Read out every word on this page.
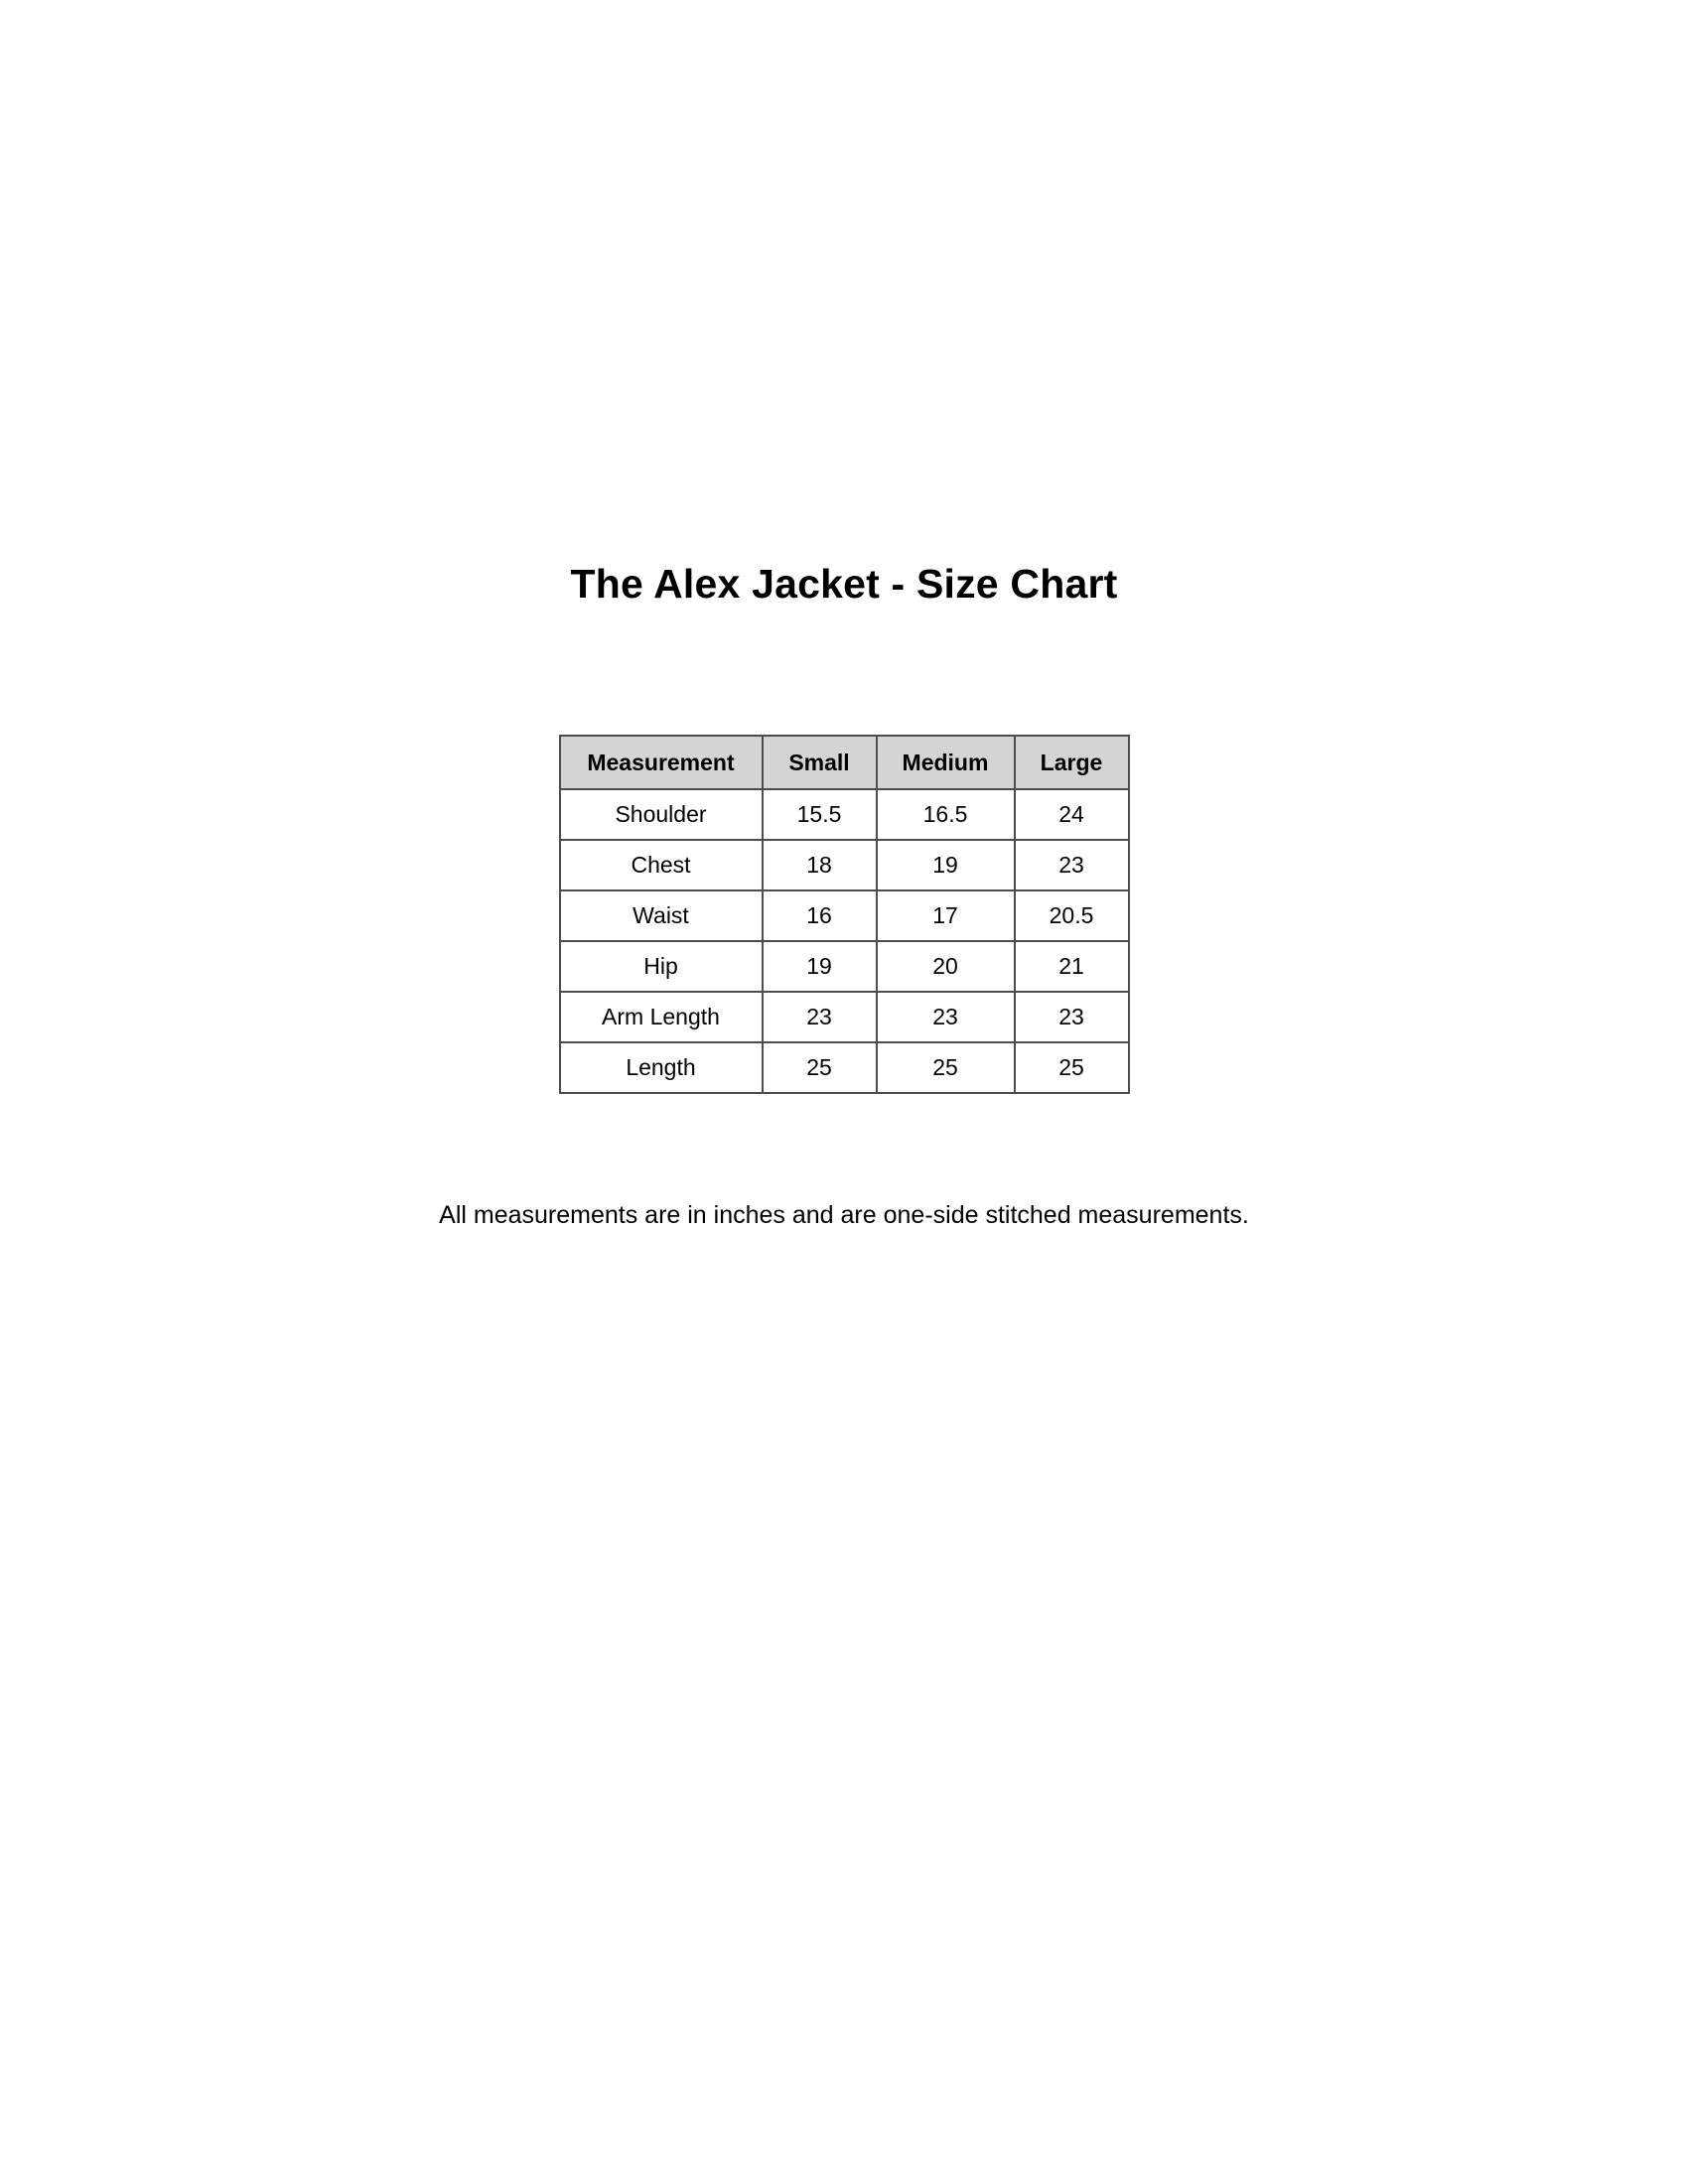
The Alex Jacket - Size Chart
Measurement	Small	Medium	Large
Shoulder	15.5	16.5	24
Chest	18	19	23
Waist	16	17	20.5
Hip	19	20	21
Arm Length	23	23	23
Length	25	25	25
All measurements are in inches and are one-side stitched measurements.
